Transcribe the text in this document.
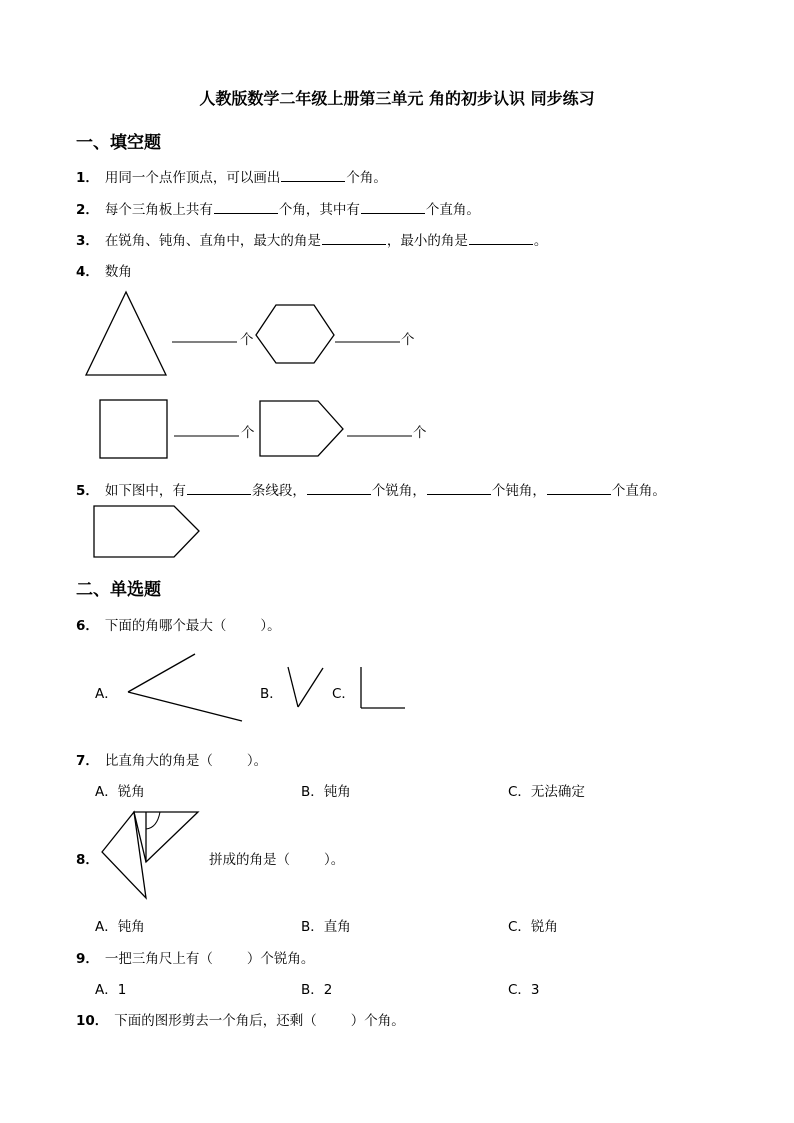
人教版数学二年级上册第三单元 角的初步认识 同步练习
一、填空题
1． 用同一个点作顶点，可以画出	个角。
2． 每个三角板上共有	个角，其中有	个直角。
3． 在锐角、钝角、直角中，最大的角是	，最小的角是	。
4． 数角
个	个
个	个
5． 如下图中，有	条线段，	个锐角，	个钝角，	个直角。
二、单选题
6． 下面的角哪个最大（	）。
A．	B．	C．
7． 比直角大的角是（	）。
A．锐角	B．钝角	C．无法确定
8．	拼成的角是（	）。
A．钝角	B．直角	C．锐角
9． 一把三角尺上有（	）个锐角。
A．1	B．2	C．3
10． 下面的图形剪去一个角后，还剩（	）个角。
